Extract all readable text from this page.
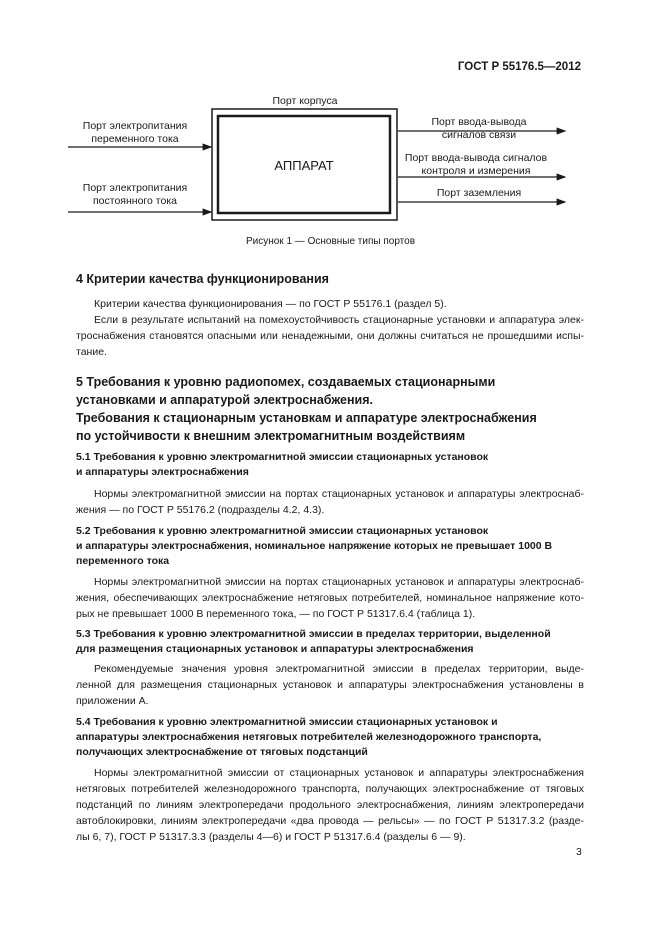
ГОСТ Р 55176.5—2012
Порт корпуса
АППАРАТ
Порт электропитания
переменного тока
Порт электропитания
постоянного тока
Порт ввода-вывода
сигналов связи
Порт ввода-вывода сигналов
контроля и измерения
Порт заземления
Рисунок 1 — Основные типы портов
4 Критерии качества функционирования
Критерии качества функционирования — по ГОСТ Р 55176.1 (раздел 5).
Если в результате испытаний на помехоустойчивость стационарные установки и аппаратура элек-
троснабжения становятся опасными или ненадежными, они должны считаться не прошедшими испы-
тание.
5 Требования к уровню радиопомех, создаваемых стационарными
установками и аппаратурой электроснабжения.
Требования к стационарным установкам и аппаратуре электроснабжения
по устойчивости к внешним электромагнитным воздействиям
5.1 Требования к уровню электромагнитной эмиссии стационарных установок
и аппаратуры электроснабжения
Нормы электромагнитной эмиссии на портах стационарных установок и аппаратуры электроснаб-
жения — по ГОСТ Р 55176.2 (подразделы 4.2, 4.3).
5.2 Требования к уровню электромагнитной эмиссии стационарных установок
и аппаратуры электроснабжения, номинальное напряжение которых не превышает 1000 В
переменного тока
Нормы электромагнитной эмиссии на портах стационарных установок и аппаратуры электроснаб-
жения, обеспечивающих электроснабжение нетяговых потребителей, номинальное напряжение кото-
рых не превышает 1000 В переменного тока, — по ГОСТ Р 51317.6.4 (таблица 1).
5.3 Требования к уровню электромагнитной эмиссии в пределах территории, выделенной
для размещения стационарных установок и аппаратуры электроснабжения
Рекомендуемые значения уровня электромагнитной эмиссии в пределах территории, выде-
ленной для размещения стационарных установок и аппаратуры электроснабжения установлены в
приложении А.
5.4 Требования к уровню электромагнитной эмиссии стационарных установок и
аппаратуры электроснабжения нетяговых потребителей железнодорожного транспорта,
получающих электроснабжение от тяговых подстанций
Нормы электромагнитной эмиссии от стационарных установок и аппаратуры электроснабжения
нетяговых потребителей железнодорожного транспорта, получающих электроснабжение от тяговых
подстанций по линиям электропередачи продольного электроснабжения, линиям электропередачи
автоблокировки, линиям электропередачи «два провода — рельсы» — по ГОСТ Р 51317.3.2 (разде-
лы 6, 7), ГОСТ Р 51317.3.3 (разделы 4—6) и ГОСТ Р 51317.6.4 (разделы 6 — 9).
3
